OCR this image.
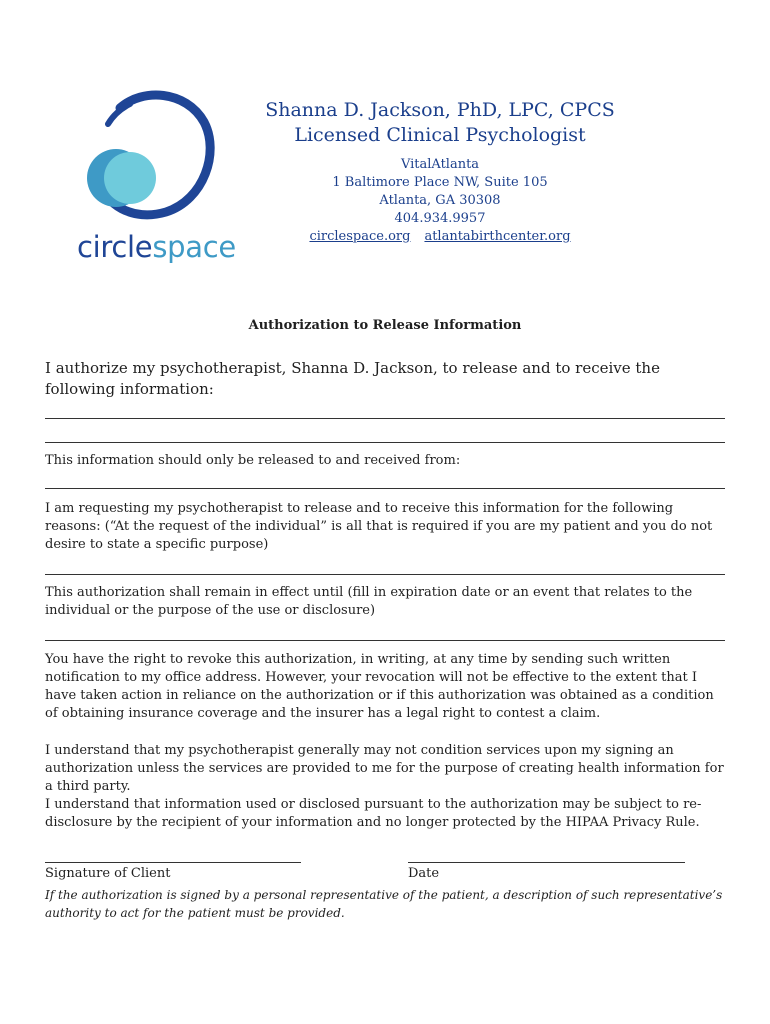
circlespace
Shanna D. Jackson, PhD, LPC, CPCS
Licensed Clinical Psychologist
VitalAtlanta
1 Baltimore Place NW, Suite 105
Atlanta, GA 30308
404.934.9957
circlespace.org atlantabirthcenter.org
Authorization to Release Information
I authorize my psychotherapist, Shanna D. Jackson, to release and to receive the following information:
This information should only be released to and received from:
I am requesting my psychotherapist to release and to receive this information for the following reasons: (“At the request of the individual” is all that is required if you are my patient and you do not desire to state a specific purpose)
This authorization shall remain in effect until (fill in expiration date or an event that relates to the individual or the purpose of the use or disclosure)
You have the right to revoke this authorization, in writing, at any time by sending such written notification to my office address. However, your revocation will not be effective to the extent that I have taken action in reliance on the authorization or if this authorization was obtained as a condition of obtaining insurance coverage and the insurer has a legal right to contest a claim.
I understand that my psychotherapist generally may not condition services upon my signing an authorization unless the services are provided to me for the purpose of creating health information for a third party.
I understand that information used or disclosed pursuant to the authorization may be subject to re-disclosure by the recipient of your information and no longer protected by the HIPAA Privacy Rule.
Signature of Client	Date
If the authorization is signed by a personal representative of the patient, a description of such representative’s authority to act for the patient must be provided.
